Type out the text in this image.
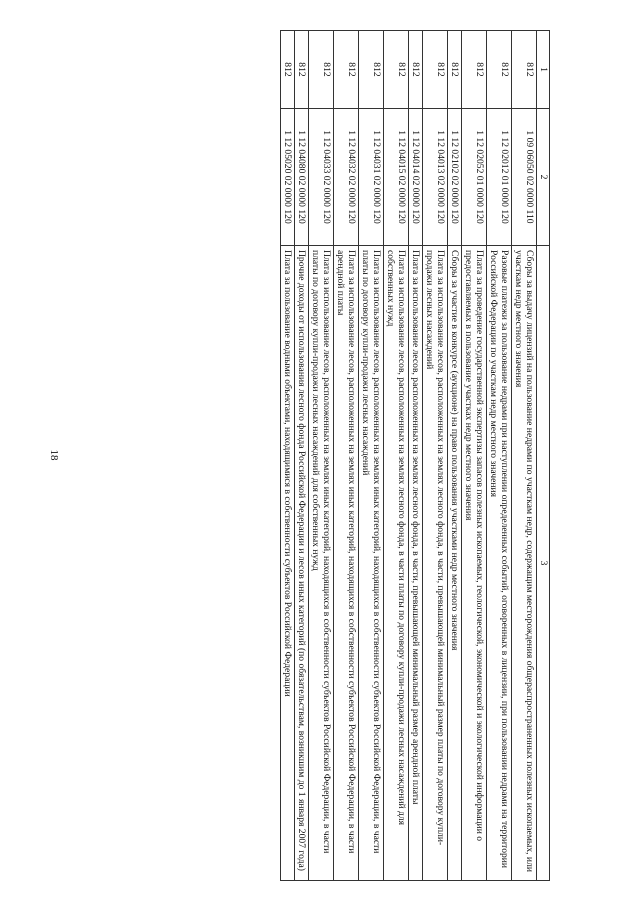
18
1	2	3
812	1 09 06050 02 0000 110	Сборы за выдачу лицензий на пользование недрами по участкам недр, содержащим месторождения общераспространенных полезных ископаемых, или участкам недр местного значения
812	1 12 02012 01 0000 120	Разовые платежи за пользование недрами при наступлении определенных событий, оговоренных в лицензии, при пользовании недрами на территории Российской Федерации по участкам недр местного значения
812	1 12 02052 01 0000 120	Плата за проведение государственной экспертизы запасов полезных ископаемых, геологической, экономической и экологической информации о предоставляемых в пользование участках недр местного значения
812	1 12 02102 02 0000 120	Сборы за участие в конкурсе (аукционе) на право пользования участками недр местного значения
812	1 12 04013 02 0000 120	Плата за использование лесов, расположенных на землях лесного фонда, в части, превышающей минимальный размер платы по договору купли-продажи лесных насаждений
812	1 12 04014 02 0000 120	Плата за использование лесов, расположенных на землях лесного фонда, в части, превышающей минимальный размер арендной платы
812	1 12 04015 02 0000 120	Плата за использование лесов, расположенных на землях лесного фонда, в части платы по договору купли-продажи лесных насаждений для собственных нужд
812	1 12 04031 02 0000 120	Плата за использование лесов, расположенных на землях иных категорий, находящихся в собственности субъектов Российской Федерации, в части платы по договору купли-продажи лесных насаждений
812	1 12 04032 02 0000 120	Плата за использование лесов, расположенных на землях иных категорий, находящихся в собственности субъектов Российской Федерации, в части арендной платы
812	1 12 04033 02 0000 120	Плата за использование лесов, расположенных на землях иных категорий, находящихся в собственности субъектов Российской Федерации, в части платы по договору купли-продажи лесных насаждений для собственных нужд
812	1 12 04080 02 0000 120	Прочие доходы от использования лесного фонда Российской Федерации и лесов иных категорий (по обязательствам, возникшим до 1 января 2007 года)
812	1 12 05020 02 0000 120	Плата за пользование водными объектами, находящимися в собственности субъектов Российской Федерации
